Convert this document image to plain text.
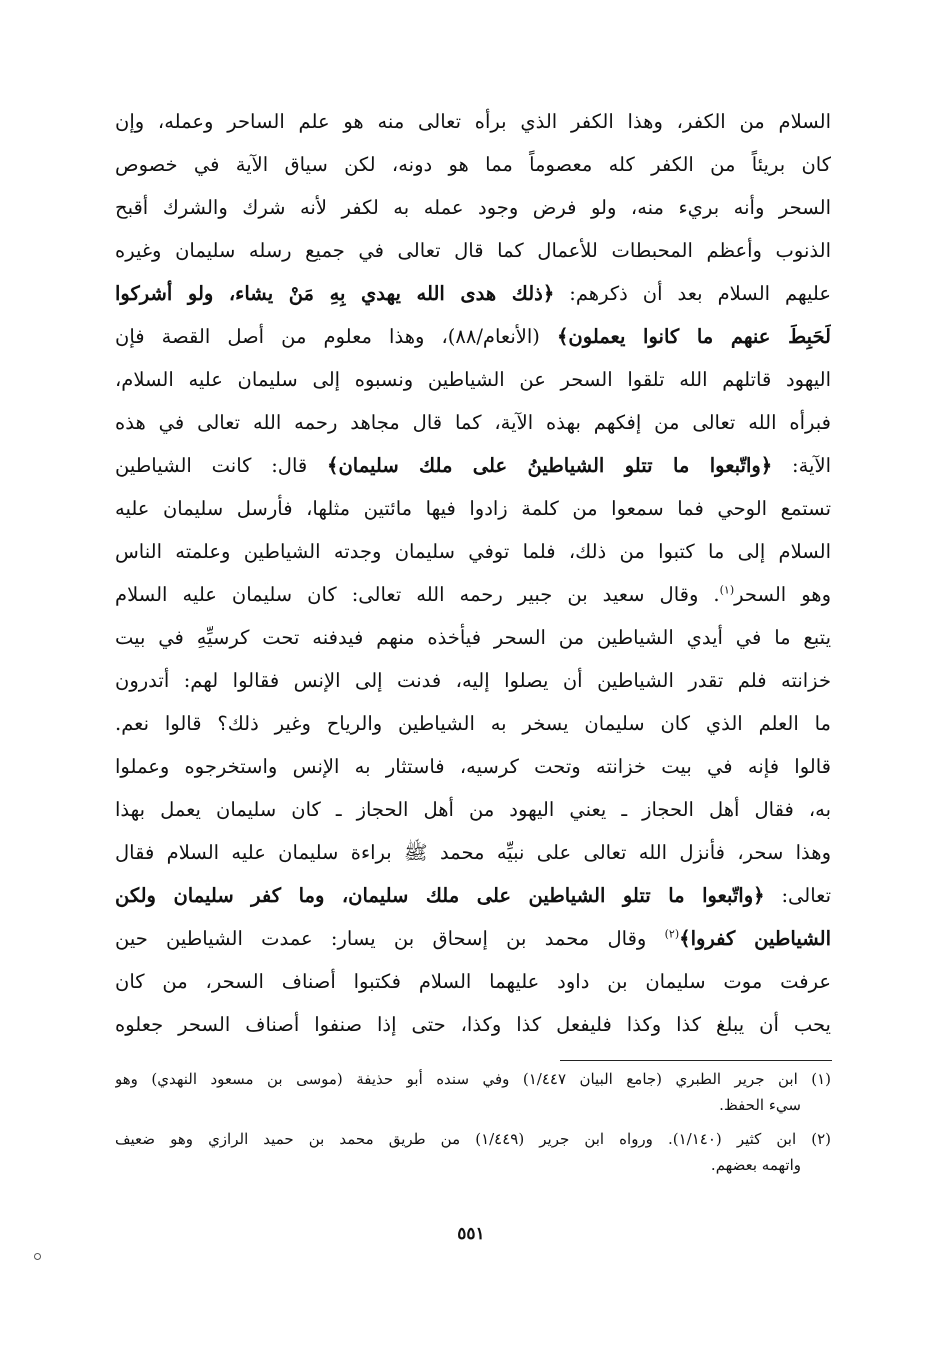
السلام من الكفر، وهذا الكفر الذي برأه تعالى منه هو علم الساحر وعمله، وإن
كان بريئاً من الكفر كله معصوماً مما هو دونه، لكن سياق الآية في خصوص
السحر وأنه بريء منه، ولو فرض وجود عمله به لكفر لأنه شرك والشرك أقبح
الذنوب وأعظم المحبطات للأعمال كما قال تعالى في جميع رسله سليمان وغيره
عليهم السلام بعد أن ذكرهم: ﴿ذلك هدى الله يهدي بِهِ مَنْ يشاء، ولو أشركوا
لَحَبِطَ عنهم ما كانوا يعملون﴾ (الأنعام/٨٨)، وهذا معلوم من أصل القصة فإن
اليهود قاتلهم الله تلقوا السحر عن الشياطين ونسبوه إلى سليمان عليه السلام،
فبرأه الله تعالى من إفكهم بهذه الآية، كما قال مجاهد رحمه الله تعالى في هذه
الآية: ﴿واتّبعوا ما تتلو الشياطينُ على ملك سليمان﴾ قال: كانت الشياطين
تستمع الوحي فما سمعوا من كلمة زادوا فيها مائتين مثلها، فأرسل سليمان عليه
السلام إلى ما كتبوا من ذلك، فلما توفي سليمان وجدته الشياطين وعلمته الناس
وهو السحر$^{(١)}$. وقال سعيد بن جبير رحمه الله تعالى: كان سليمان عليه السلام
يتبع ما في أيدي الشياطين من السحر فيأخذه منهم فيدفنه تحت كرسيِّهِ في بيت
خزانته فلم تقدر الشياطين أن يصلوا إليه، فدنت إلى الإنس فقالوا لهم: أتدرون
ما العلم الذي كان سليمان يسخر به الشياطين والرياح وغير ذلك؟ قالوا نعم.
قالوا فإنه في بيت خزانته وتحت كرسيه، فاستثار به الإنس واستخرجوه وعملوا
به، فقال أهل الحجاز ـ يعني اليهود من أهل الحجاز ـ كان سليمان يعمل بهذا
وهذا سحر، فأنزل الله تعالى على نبيِّه محمد ﷺ براءة سليمان عليه السلام فقال
تعالى: ﴿واتّبعوا ما تتلو الشياطين على ملك سليمان، وما كفر سليمان ولكن
الشياطين كفروا﴾$^{(٢)}$ وقال محمد بن إسحاق بن يسار: عمدت الشياطين حين
عرفت موت سليمان بن داود عليهما السلام فكتبوا أصناف السحر، من كان
يحب أن يبلغ كذا وكذا فليفعل كذا وكذا، حتى إذا صنفوا أصناف السحر جعلوه
(١) ابن جرير الطبري (جامع البيان ١/٤٤٧) وفي سنده أبو حذيفة (موسى بن مسعود النهدي) وهو
سيء الحفظ.
(٢) ابن كثير (١/١٤٠). ورواه ابن جرير (١/٤٤٩) من طريق محمد بن حميد الرازي وهو ضعيف
واتهمه بعضهم.
٥٥١
